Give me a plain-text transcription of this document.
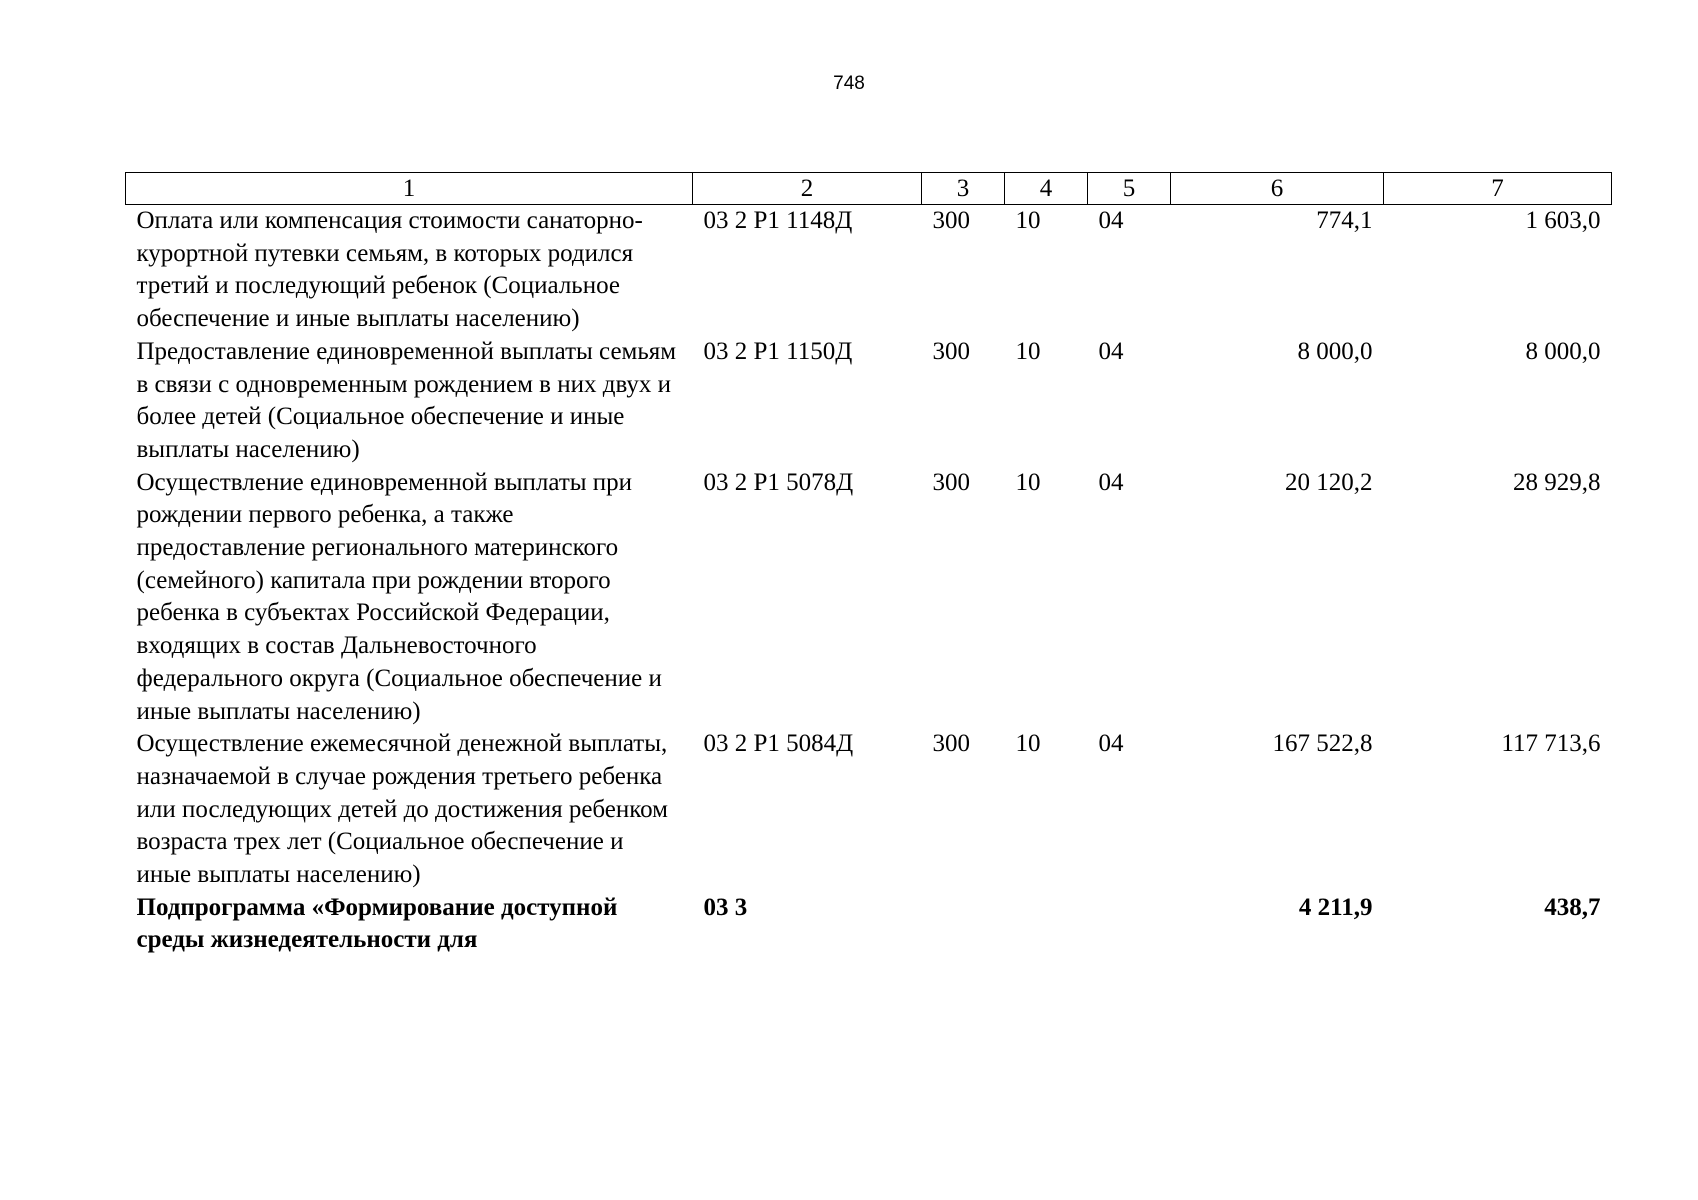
748
1	2	3	4	5	6	7
Оплата или компенсация стоимости санаторно-курортной путевки семьям, в которых родился третий и последующий ребенок (Социальное обеспечение и иные выплаты населению)	03 2 P1 1148Д	300	10	04	774,1	1 603,0
Предоставление единовременной выплаты семьям в связи с одновременным рождением в них двух и более детей (Социальное обеспечение и иные выплаты населению)	03 2 P1 1150Д	300	10	04	8 000,0	8 000,0
Осуществление единовременной выплаты при рождении первого ребенка, а также предоставление регионального материнского (семейного) капитала при рождении второго ребенка в субъектах Российской Федерации, входящих в состав Дальневосточного федерального округа (Социальное обеспечение и иные выплаты населению)	03 2 P1 5078Д	300	10	04	20 120,2	28 929,8
Осуществление ежемесячной денежной выплаты, назначаемой в случае рождения третьего ребенка или последующих детей до достижения ребенком возраста трех лет (Социальное обеспечение и иные выплаты населению)	03 2 P1 5084Д	300	10	04	167 522,8	117 713,6
Подпрограмма «Формирование доступной среды жизнедеятельности для	03 3				4 211,9	438,7
